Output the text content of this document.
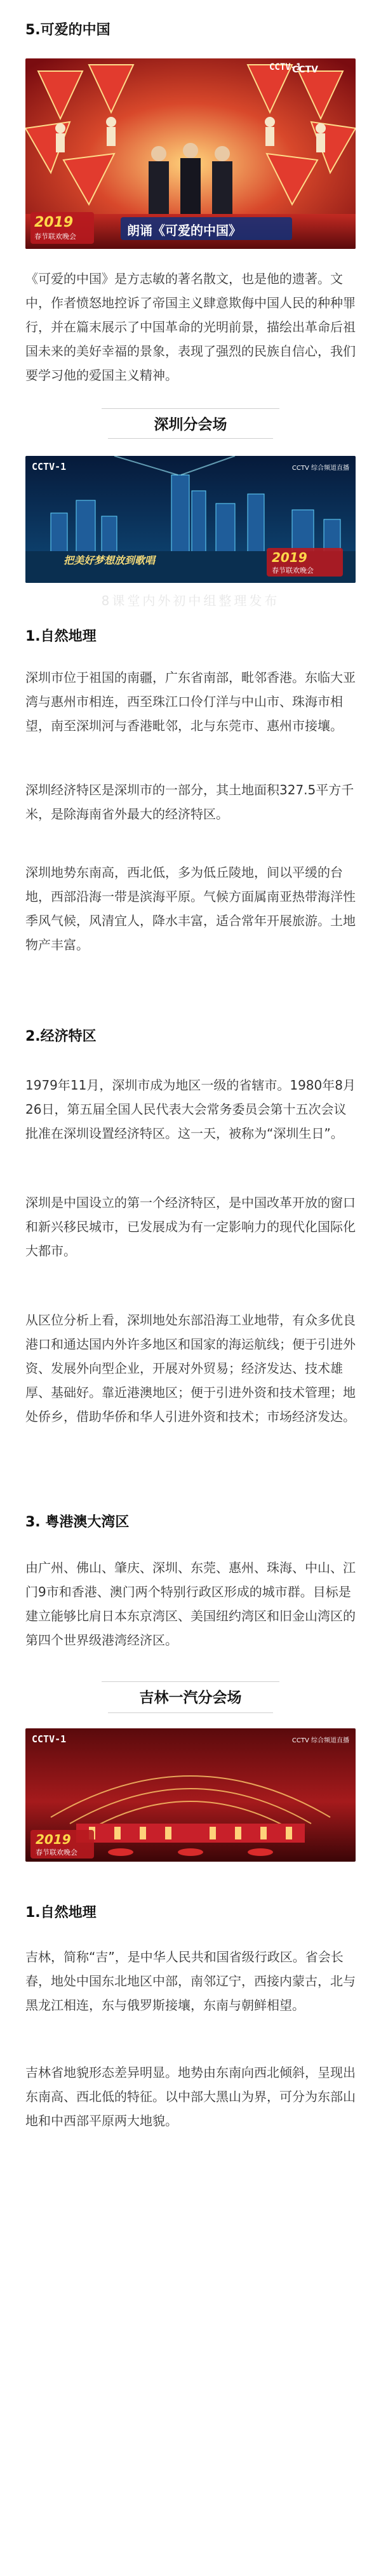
5.可爱的中国
CCTV
CCTV-1
朗诵《可爱的中国》
2019
春节联欢晚会

《可爱的中国》是方志敏的著名散文，也是他的遗著。文中，作者愤怒地控诉了帝国主义肆意欺侮中国人民的种种罪行，并在篇末展示了中国革命的光明前景，描绘出革命后祖国未来的美好幸福的景象，表现了强烈的民族自信心，我们要学习他的爱国主义精神。

深圳分会场
CCTV-1	CCTV 综合频道直播
把美好梦想放到歌唱	2019
春节联欢晚会
8课堂内外初中组整理发布
1.自然地理

深圳市位于祖国的南疆，广东省南部，毗邻香港。东临大亚湾与惠州市相连，西至珠江口伶仃洋与中山市、珠海市相望，南至深圳河与香港毗邻，北与东莞市、惠州市接壤。

深圳经济特区是深圳市的一部分，其土地面积327.5平方千米，是除海南省外最大的经济特区。

深圳地势东南高，西北低，多为低丘陵地，间以平缓的台地，西部沿海一带是滨海平原。气候方面属南亚热带海洋性季风气候，风清宜人，降水丰富，适合常年开展旅游。土地物产丰富。

2.经济特区

1979年11月，深圳市成为地区一级的省辖市。1980年8月26日，第五届全国人民代表大会常务委员会第十五次会议批准在深圳设置经济特区。这一天，被称为“深圳生日”。

深圳是中国设立的第一个经济特区，是中国改革开放的窗口和新兴移民城市，已发展成为有一定影响力的现代化国际化大都市。

从区位分析上看，深圳地处东部沿海工业地带，有众多优良港口和通达国内外许多地区和国家的海运航线；便于引进外资、发展外向型企业，开展对外贸易；经济发达、技术雄厚、基础好。靠近港澳地区；便于引进外资和技术管理；地处侨乡，借助华侨和华人引进外资和技术；市场经济发达。

3. 粤港澳大湾区

由广州、佛山、肇庆、深圳、东莞、惠州、珠海、中山、江门9市和香港、澳门两个特别行政区形成的城市群。目标是建立能够比肩日本东京湾区、美国纽约湾区和旧金山湾区的第四个世界级港湾经济区。

吉林一汽分会场
CCTV-1	CCTV 综合频道直播
2019
春节联欢晚会
1.自然地理

吉林，简称“吉”，是中华人民共和国省级行政区。省会长春，地处中国东北地区中部，南邻辽宁，西接内蒙古，北与黑龙江相连，东与俄罗斯接壤，东南与朝鲜相望。

吉林省地貌形态差异明显。地势由东南向西北倾斜，呈现出东南高、西北低的特征。以中部大黑山为界，可分为东部山地和中西部平原两大地貌。
